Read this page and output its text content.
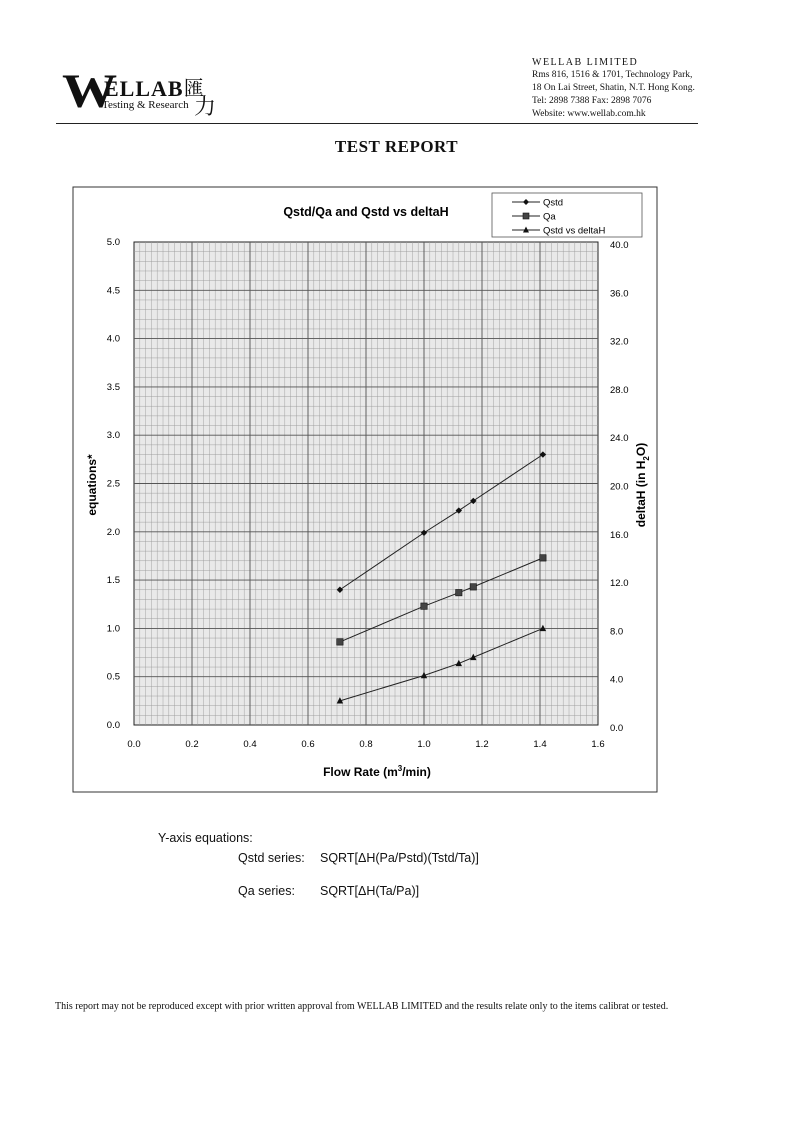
W
ELLAB
Testing & Research
匯
力
WELLAB LIMITED
Rms 816, 1516 & 1701, Technology Park,
18 On Lai Street, Shatin, N.T. Hong Kong.
Tel: 2898 7388 Fax: 2898 7076
Website: www.wellab.com.hk
TEST REPORT
Qstd/Qa and Qstd vs deltaH
0.0	0.2	0.4	0.6	0.8	1.0	1.2	1.4	1.6
0.0
0.5
1.0
1.5
2.0
2.5
3.0
3.5
4.0
4.5
5.0
0.0
4.0
8.0
12.0
16.0
20.0
24.0
28.0
32.0
36.0
40.0
Flow Rate $(m^3/\min)$
equations*	deltaH (in $H_2O$)
Qstd
Qa
Qstd vs deltaH
Y-axis equations:
Qstd series: SQRT[ΔH(Pa/Pstd)(Tstd/Ta)]
Qa series: SQRT[ΔH(Ta/Pa)]
This report may not be reproduced except with prior written approval from WELLAB LIMITED and the results relate only to the items calibrat or tested.
